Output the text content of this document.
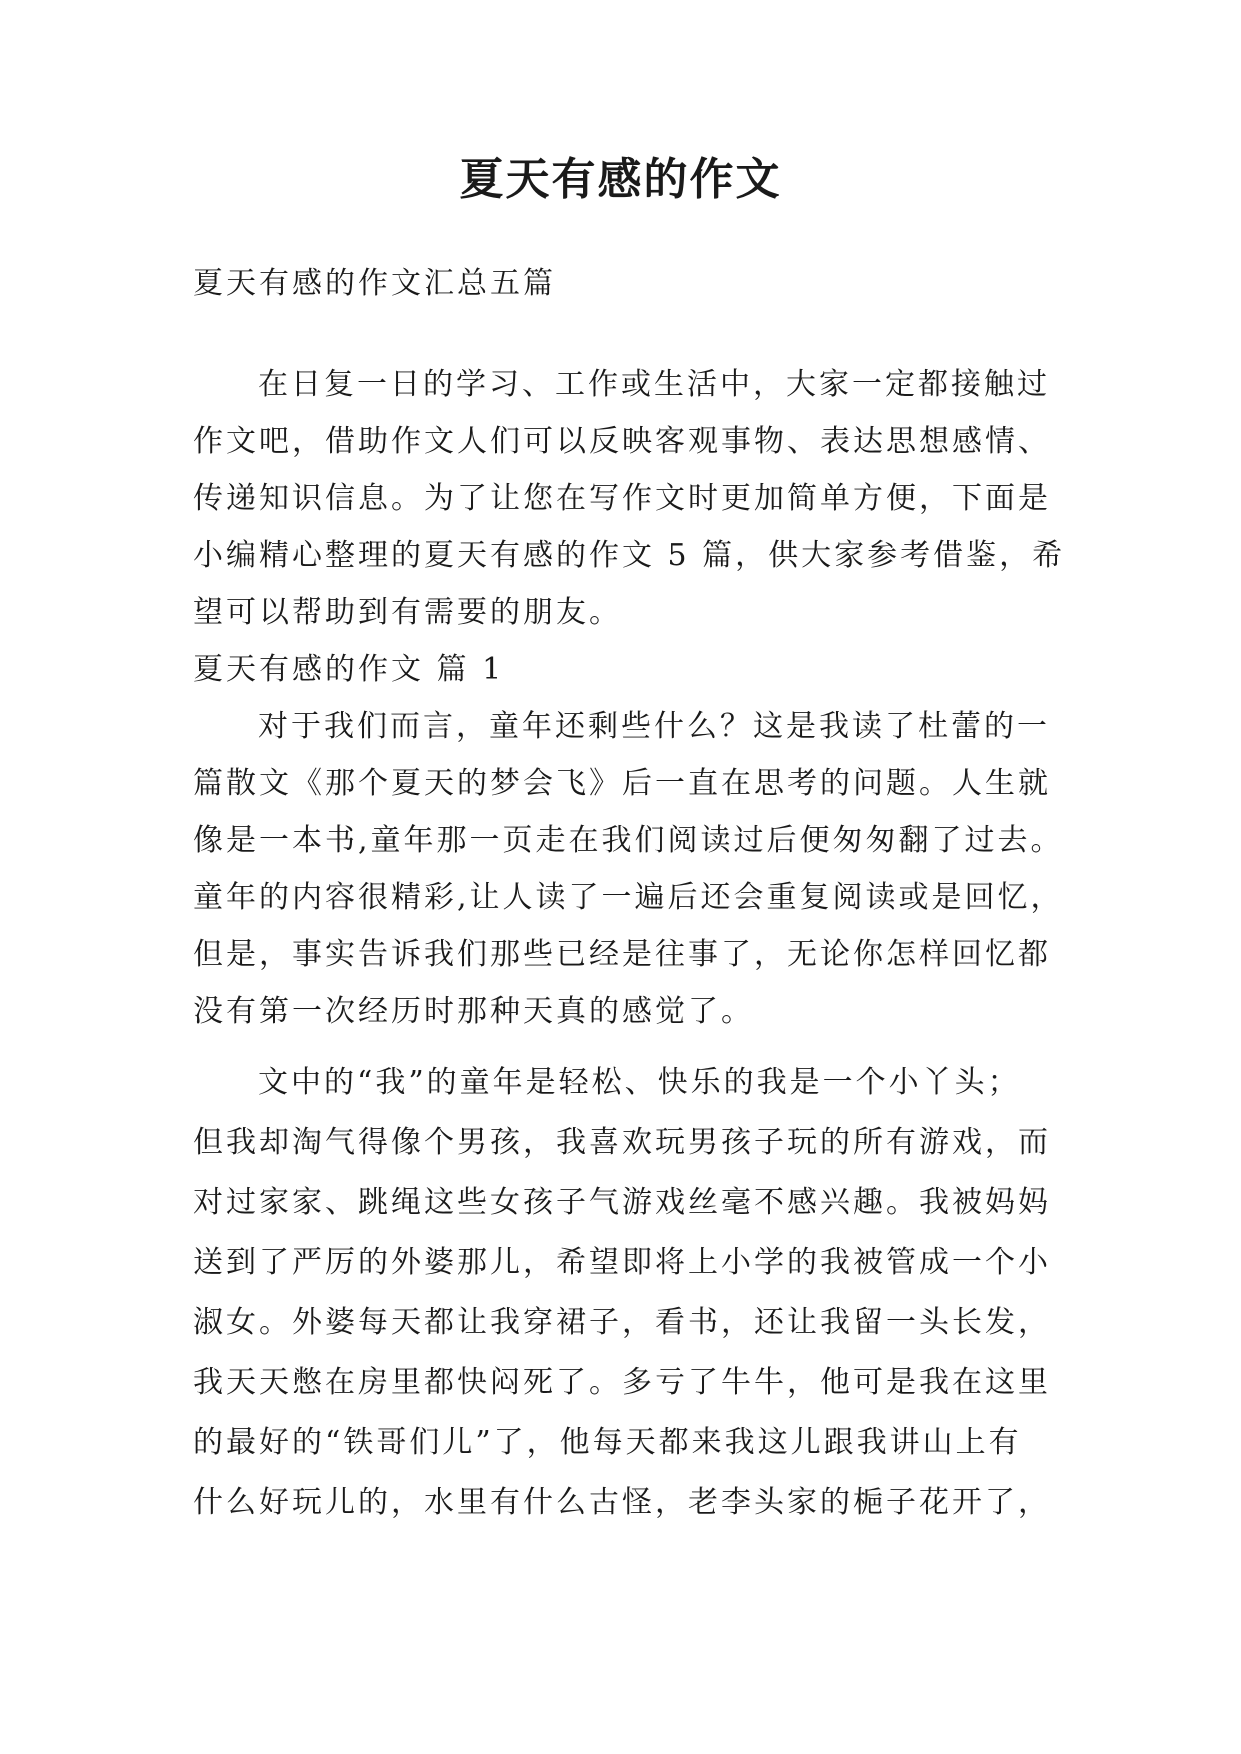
夏天有感的作文
夏天有感的作文汇总五篇
在日复一日的学习、工作或生活中，大家一定都接触过
作文吧，借助作文人们可以反映客观事物、表达思想感情、
传递知识信息。为了让您在写作文时更加简单方便，下面是
小编精心整理的夏天有感的作文 5 篇，供大家参考借鉴，希
望可以帮助到有需要的朋友。
夏天有感的作文 篇 1
对于我们而言，童年还剩些什么？这是我读了杜蕾的一
篇散文《那个夏天的梦会飞》后一直在思考的问题。人生就
像是一本书,童年那一页走在我们阅读过后便匆匆翻了过去。
童年的内容很精彩,让人读了一遍后还会重复阅读或是回忆，
但是，事实告诉我们那些已经是往事了，无论你怎样回忆都
没有第一次经历时那种天真的感觉了。
文中的“我”的童年是轻松、快乐的我是一个小丫头；
但我却淘气得像个男孩，我喜欢玩男孩子玩的所有游戏，而
对过家家、跳绳这些女孩子气游戏丝毫不感兴趣。我被妈妈
送到了严厉的外婆那儿，希望即将上小学的我被管成一个小
淑女。外婆每天都让我穿裙子，看书，还让我留一头长发，
我天天憋在房里都快闷死了。多亏了牛牛，他可是我在这里
的最好的“铁哥们儿”了，他每天都来我这儿跟我讲山上有
什么好玩儿的，水里有什么古怪，老李头家的梔子花开了，
